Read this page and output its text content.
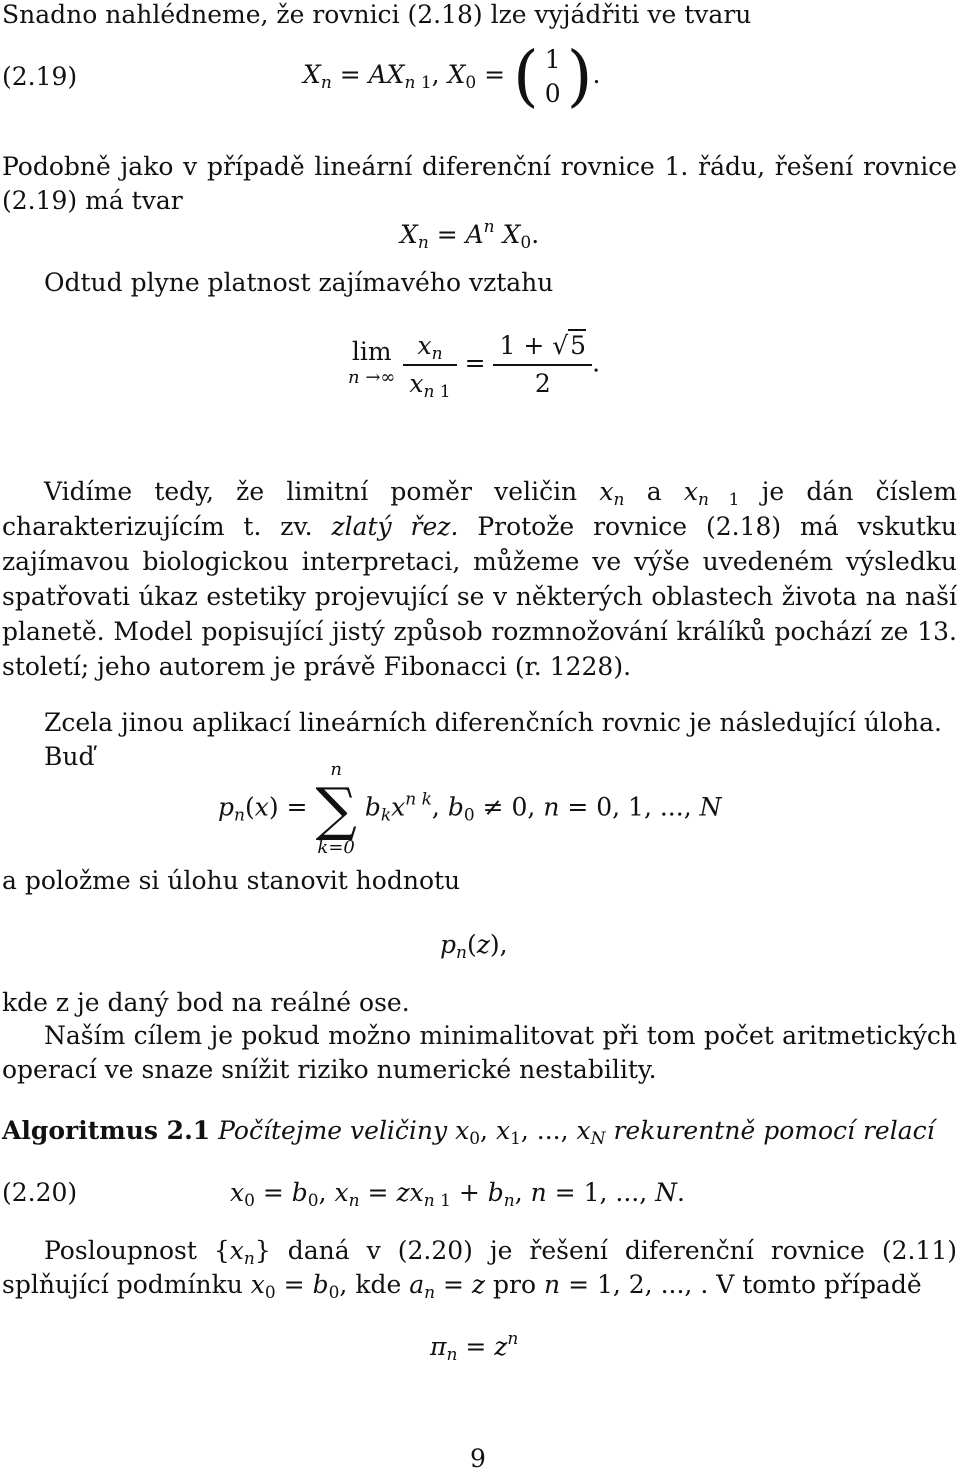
Snadno nahlédneme, že rovnici (2.18) lze vyjádřiti ve tvaru
(2.19)	$X_n = AX_{n 1}$, $X_0$ = ( 1
0).
Podobně jako v případě lineární diferenční rovnice 1. řádu, řešení rovnice (2.19) má tvar
$X_n = A^n$ $X_0$.
Odtud plyne platnost zajímavého vztahu
lim
n →∞
$\frac{x_n}{x_{n 1}} = \frac{1 + √5}{2}$ .
Vidíme tedy, že limitní poměr veličin $x_n$ a $x_{n 1}$ je dán číslem charakterizujícím t. zv. zlatý řez. Protože rovnice (2.18) má vskutku zajímavou biologickou interpretaci, můžeme ve výše uvedeném výsledku spatřovati úkaz estetiky projevující se v některých oblastech života na naší planetě. Model popisující jistý způsob rozmnožování králíků pochází ze 13. století; jeho autorem je právě Fibonacci (r. 1228).
Zcela jinou aplikací lineárních diferenčních rovnic je následující úloha.
Buď
$p_n(x)$ =
n
∑
k=0
$b_kx^{n k}$, $b_0 \ne 0$, n = 0, 1, ..., N
a položme si úlohu stanovit hodnotu
$p_n(z)$,
kde z je daný bod na reálné ose.
Naším cílem je pokud možno minimalitovat při tom počet aritmetických operací ve snaze snížit riziko numerické nestability.
Algoritmus 2.1 Počítejme veličiny $x_0$, $x_1$, ..., $x_N$ rekurentně pomocí relací
(2.20)	$x_0 = b_0$, $x_n = zx_{n 1} + b_n$, n = 1, ..., N.
Posloupnost $\{x_n\}$ daná v (2.20) je řešení diferenční rovnice (2.11) splňující podmínku $x_0 = b_0$, kde $a_n = z$ pro n = 1, 2, ..., . V tomto případě
$\pi_n = z^n$
9
